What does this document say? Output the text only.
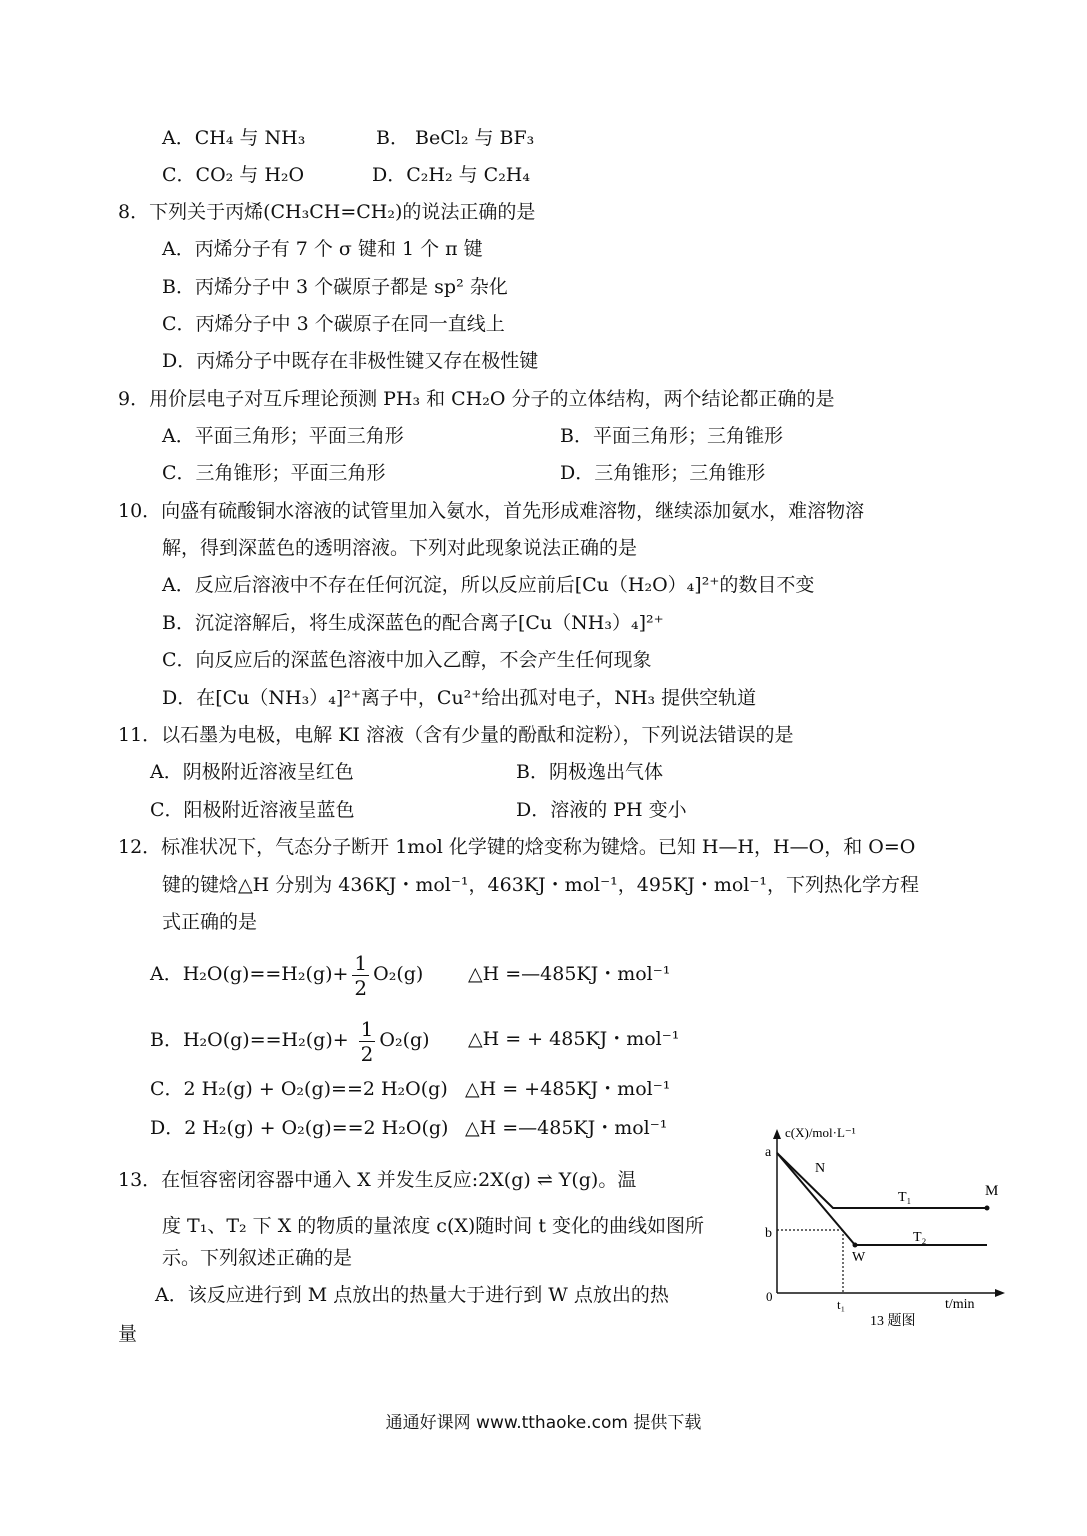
A．CH₄ 与 NH₃	B． BeCl₂ 与 BF₃
C．CO₂ 与 H₂O	D．C₂H₂ 与 C₂H₄
8．下列关于丙烯(CH₃CH=CH₂)的说法正确的是
A．丙烯分子有 7 个 σ 键和 1 个 π 键
B．丙烯分子中 3 个碳原子都是 sp² 杂化
C．丙烯分子中 3 个碳原子在同一直线上
D．丙烯分子中既存在非极性键又存在极性键
9．用价层电子对互斥理论预测 PH₃ 和 CH₂O 分子的立体结构，两个结论都正确的是
A．平面三角形；平面三角形	B．平面三角形；三角锥形
C．三角锥形；平面三角形	D．三角锥形；三角锥形
10．向盛有硫酸铜水溶液的试管里加入氨水，首先形成难溶物，继续添加氨水，难溶物溶
解，得到深蓝色的透明溶液。下列对此现象说法正确的是
A．反应后溶液中不存在任何沉淀，所以反应前后[Cu（H₂O）₄]²⁺的数目不变
B．沉淀溶解后，将生成深蓝色的配合离子[Cu（NH₃）₄]²⁺
C．向反应后的深蓝色溶液中加入乙醇，不会产生任何现象
D．在[Cu（NH₃）₄]²⁺离子中，Cu²⁺给出孤对电子，NH₃ 提供空轨道
11．以石墨为电极，电解 KI 溶液（含有少量的酚酞和淀粉），下列说法错误的是
A．阴极附近溶液呈红色	B．阴极逸出气体
C．阳极附近溶液呈蓝色	D．溶液的 PH 变小
12．标准状况下，气态分子断开 1mol 化学键的焓变称为键焓。已知 H—H，H—O，和 O=O
键的键焓△H 分别为 436KJ・mol⁻¹，463KJ・mol⁻¹，495KJ・mol⁻¹，下列热化学方程
式正确的是
A．$H_2O(g)==H_2(g)+ \frac{1}{2} O_2(g)$ △H =—485KJ・mol⁻¹
B．$H_2O(g)==H_2(g)+ \frac{1}{2} O_2(g)$ △H = + 485KJ・mol⁻¹
C．2 H₂(g) + O₂(g)==2 H₂O(g) △H = +485KJ・mol⁻¹
D．2 H₂(g) + O₂(g)==2 H₂O(g) △H =—485KJ・mol⁻¹
13．在恒容密闭容器中通入 X 并发生反应:2X(g) ⇌ Y(g)。温
度 T₁、T₂ 下 X 的物质的量浓度 c(X)随时间 t 变化的曲线如图所
示。下列叙述正确的是
A．该反应进行到 M 点放出的热量大于进行到 W 点放出的热
量
c(X)/mol·L⁻¹
a
b
N
M
W
T₁
T₂
0
t₁	t/min
13 题图
通通好课网 www.tthaoke.com 提供下载
